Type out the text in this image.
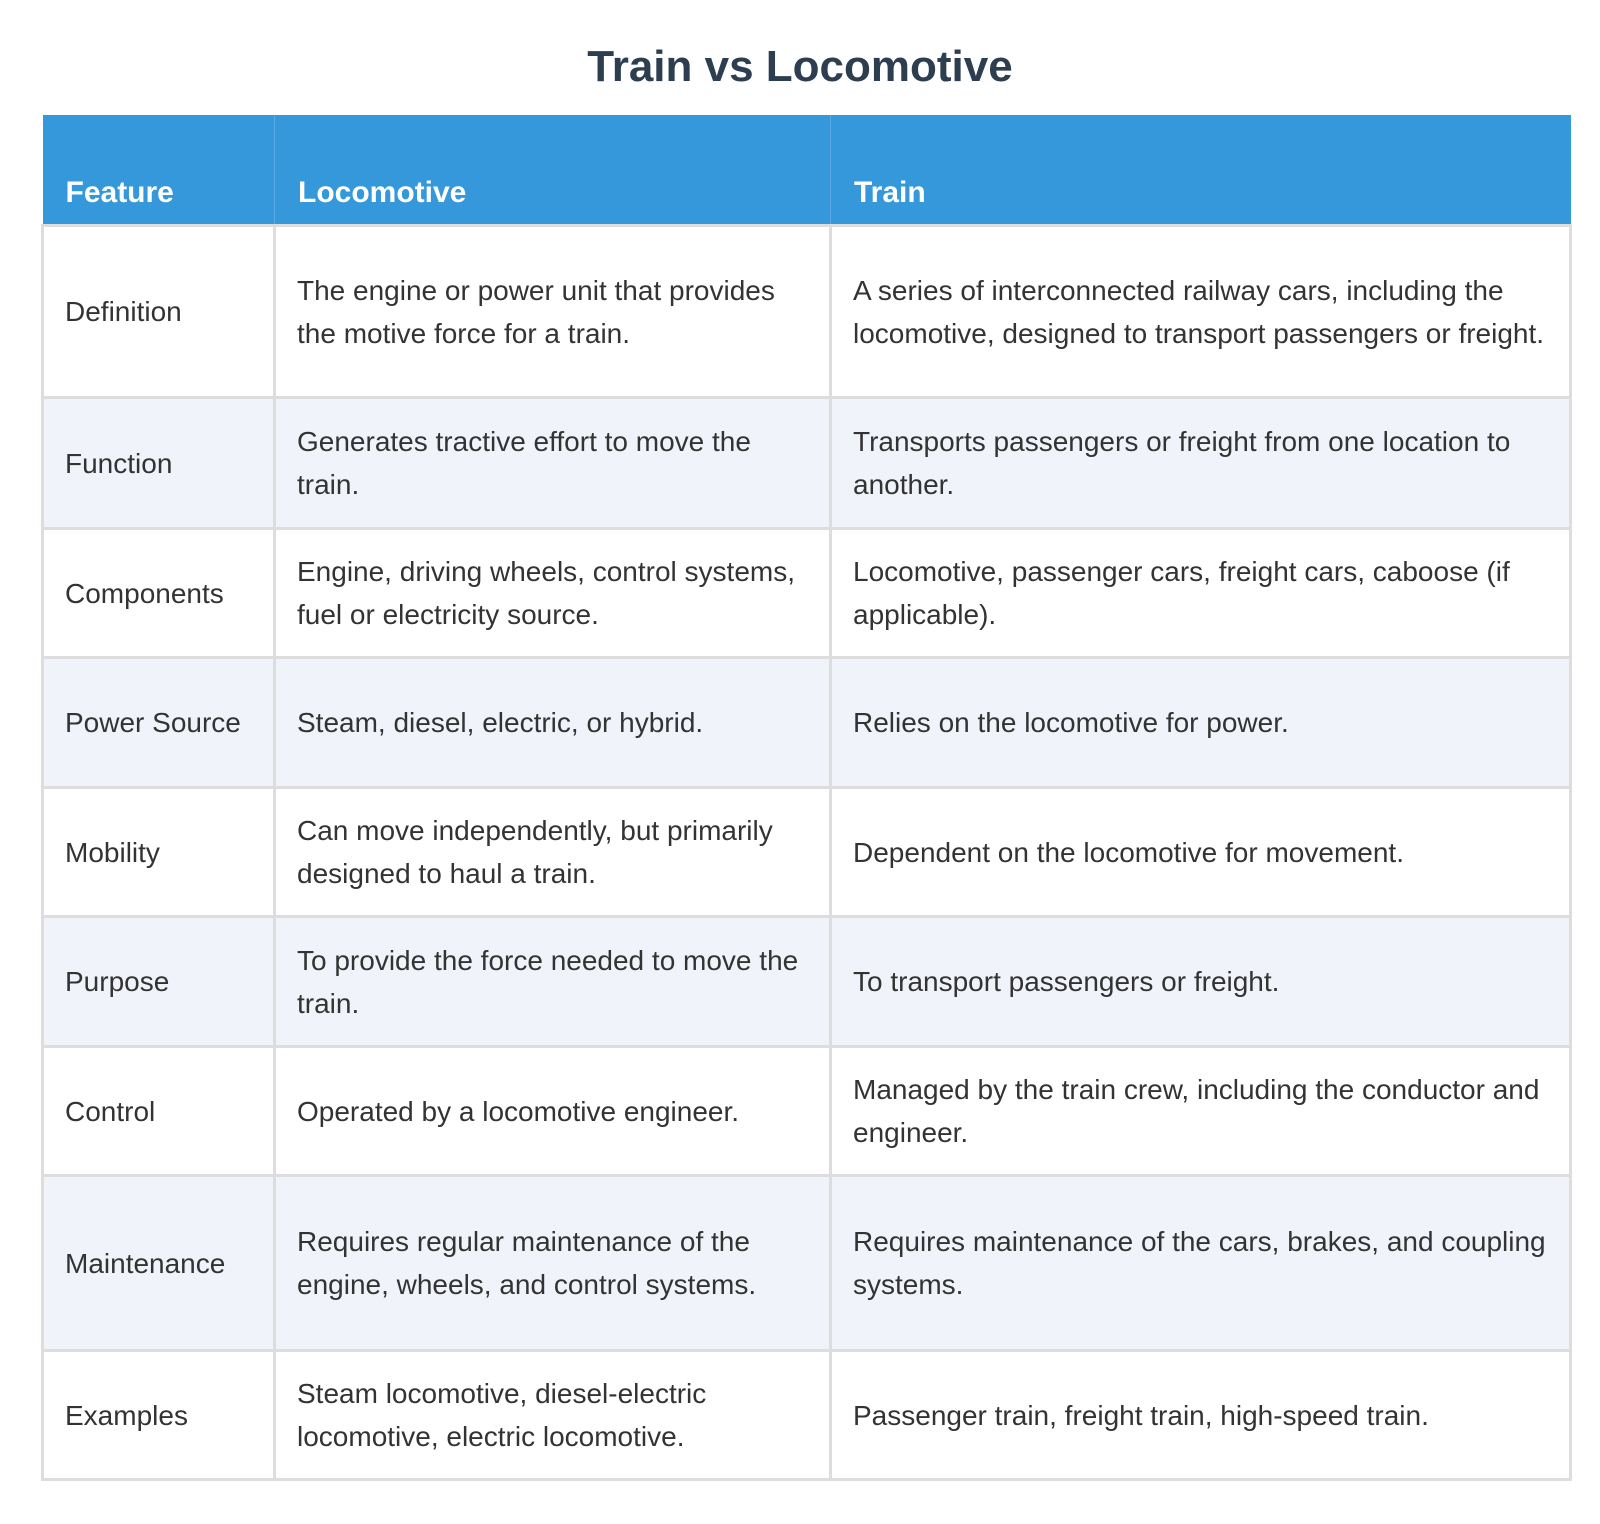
Train vs Locomotive
Feature	Locomotive	Train
Definition	The engine or power unit that provides the motive force for a train.	A series of interconnected railway cars, including the locomotive, designed to transport passengers or freight.
Function	Generates tractive effort to move the train.	Transports passengers or freight from one location to another.
Components	Engine, driving wheels, control systems, fuel or electricity source.	Locomotive, passenger cars, freight cars, caboose (if applicable).
Power Source	Steam, diesel, electric, or hybrid.	Relies on the locomotive for power.
Mobility	Can move independently, but primarily designed to haul a train.	Dependent on the locomotive for movement.
Purpose	To provide the force needed to move the train.	To transport passengers or freight.
Control	Operated by a locomotive engineer.	Managed by the train crew, including the conductor and engineer.
Maintenance	Requires regular maintenance of the engine, wheels, and control systems.	Requires maintenance of the cars, brakes, and coupling systems.
Examples	Steam locomotive, diesel-electric locomotive, electric locomotive.	Passenger train, freight train, high-speed train.
